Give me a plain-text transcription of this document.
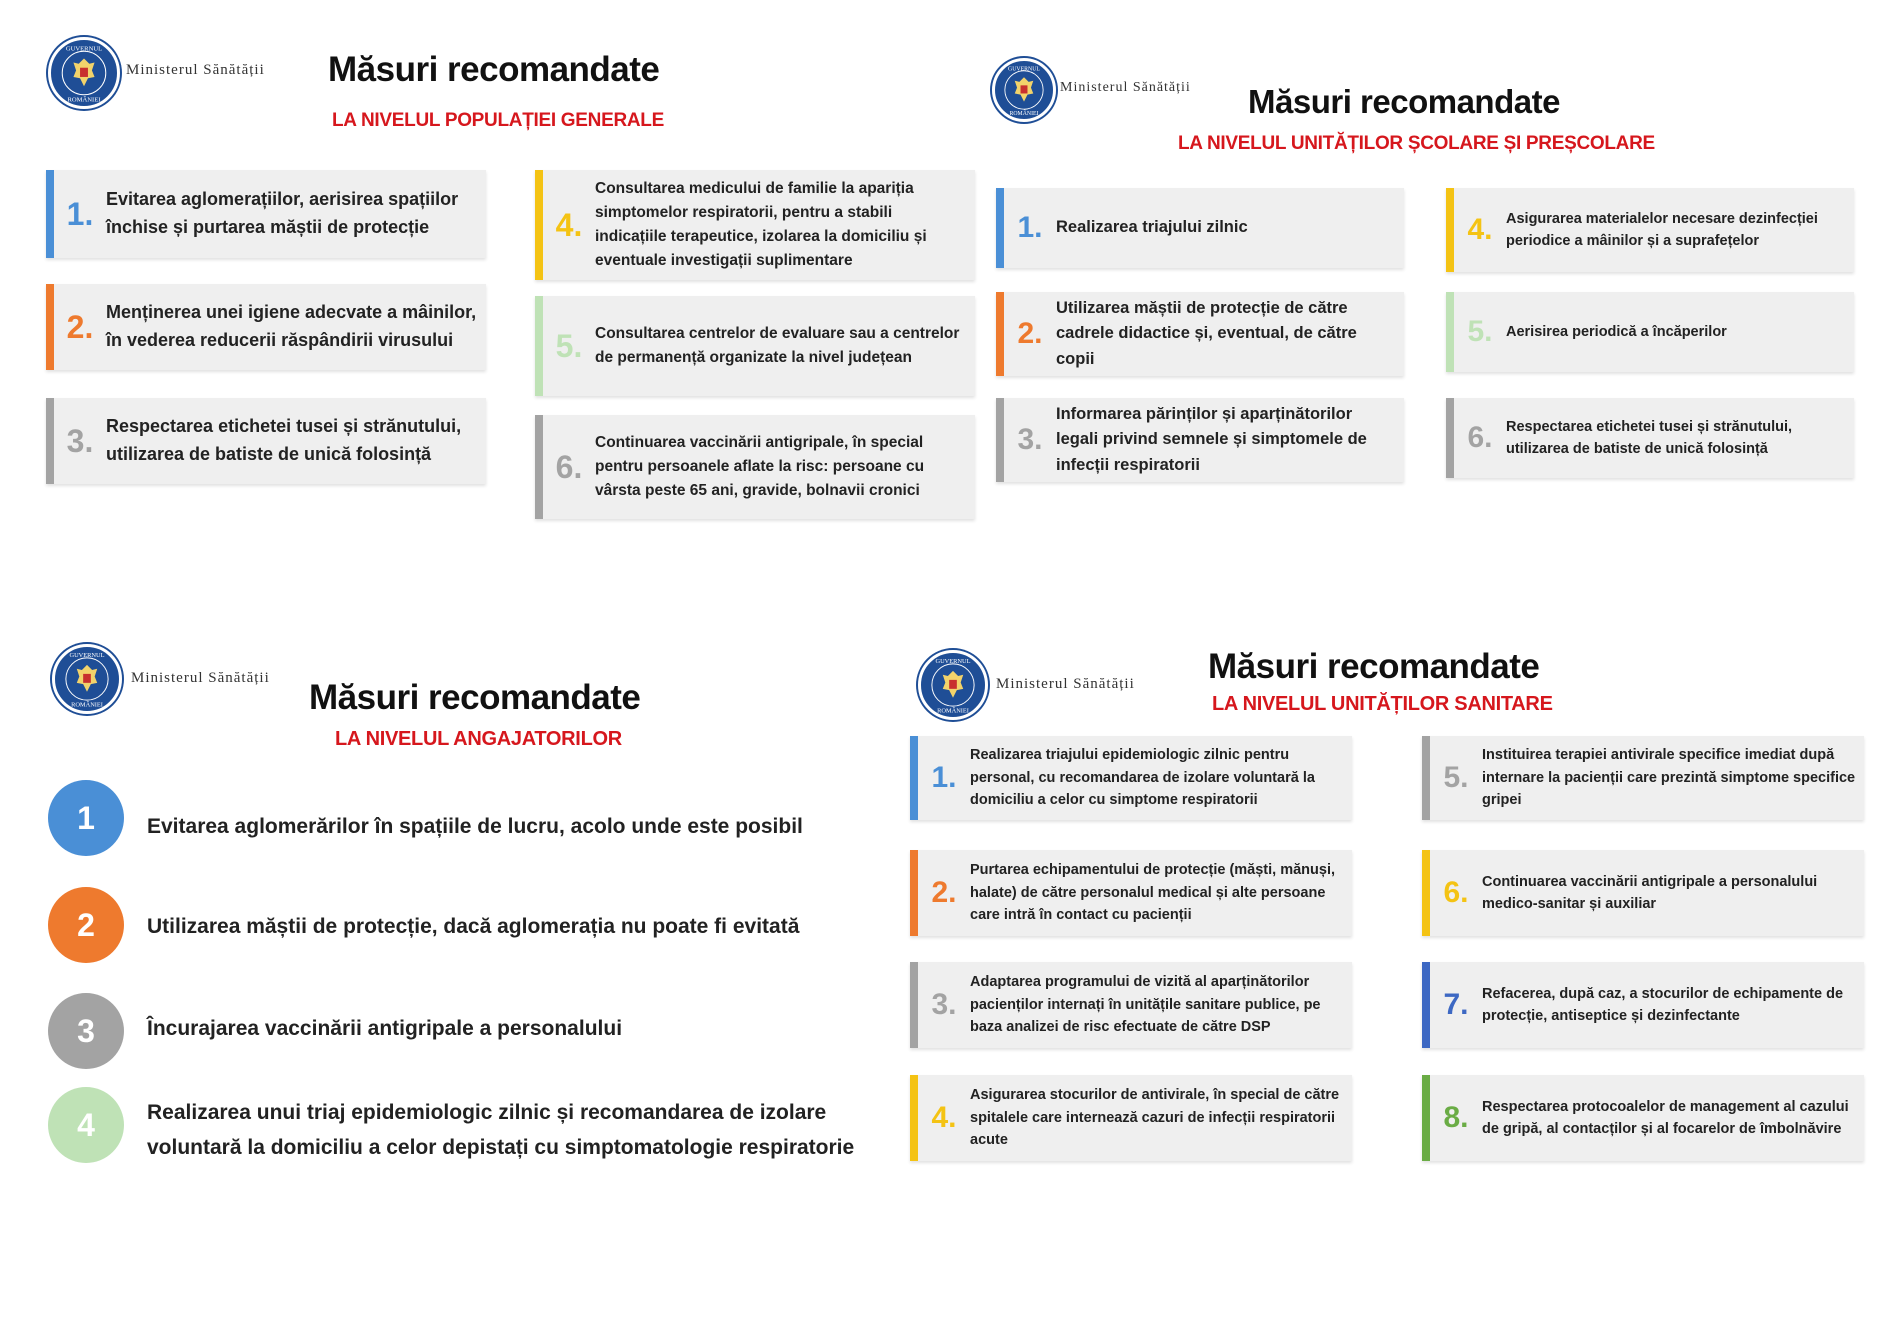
GUVERNUL
ROMÂNIEI
Ministerul Sănătății Măsuri recomandate
LA NIVELUL POPULAȚIEI GENERALE
1. Evitarea aglomerațiilor, aerisirea spațiilor închise și purtarea măștii de protecție
2. Menținerea unei igiene adecvate a mâinilor, în vederea reducerii răspândirii virusului
3. Respectarea etichetei tusei și strănutului, utilizarea de batiste de unică folosință
4.
Consultarea medicului de familie la apariția simptomelor respiratorii, pentru a stabili indicațiile terapeutice, izolarea la domiciliu și eventuale investigații suplimentare
5. Consultarea centrelor de evaluare sau a centrelor de permanență organizate la nivel județean
6.
Continuarea vaccinării antigripale, în special pentru persoanele aflate la risc: persoane cu vârsta peste 65 ani, gravide, bolnavii cronici
GUVERNUL
ROMÂNIEI
Ministerul Sănătății Măsuri recomandate
LA NIVELUL UNITĂȚILOR ȘCOLARE ȘI PREȘCOLARE
1. Realizarea triajului zilnic
2.
Utilizarea măștii de protecție de către cadrele didactice și, eventual, de către copii
3.
Informarea părinților și aparținătorilor legali privind semnele și simptomele de infecții respiratorii
4. Asigurarea materialelor necesare dezinfecției periodice a mâinilor și a suprafețelor
5. Aerisirea periodică a încăperilor
6. Respectarea etichetei tusei și strănutului, utilizarea de batiste de unică folosință
GUVERNUL
ROMÂNIEI
Ministerul Sănătății Măsuri recomandate
LA NIVELUL ANGAJATORILOR
1	Evitarea aglomerărilor în spațiile de lucru, acolo unde este posibil
2	Utilizarea măștii de protecție, dacă aglomerația nu poate fi evitată
3	Încurajarea vaccinării antigripale a personalului
4	Realizarea unui triaj epidemiologic zilnic și recomandarea de izolare voluntară la domiciliu a celor depistați cu simptomatologie respiratorie
GUVERNUL
ROMÂNIEI
Ministerul Sănătății Măsuri recomandate
LA NIVELUL UNITĂȚILOR SANITARE
1.
Realizarea triajului epidemiologic zilnic pentru personal, cu recomandarea de izolare voluntară la domiciliu a celor cu simptome respiratorii
2.
Purtarea echipamentului de protecție (măști, mănuși, halate) de către personalul medical și alte persoane care intră în contact cu pacienții
3.
Adaptarea programului de vizită al aparținătorilor pacienților internați în unitățile sanitare publice, pe baza analizei de risc efectuate de către DSP
4.
Asigurarea stocurilor de antivirale, în special de către spitalele care internează cazuri de infecții respiratorii acute
5.
Instituirea terapiei antivirale specifice imediat după internare la pacienții care prezintă simptome specifice gripei
6. Continuarea vaccinării antigripale a personalului medico-sanitar și auxiliar
7. Refacerea, după caz, a stocurilor de echipamente de protecție, antiseptice și dezinfectante
8. Respectarea protocoalelor de management al cazului de gripă, al contacților și al focarelor de îmbolnăvire
